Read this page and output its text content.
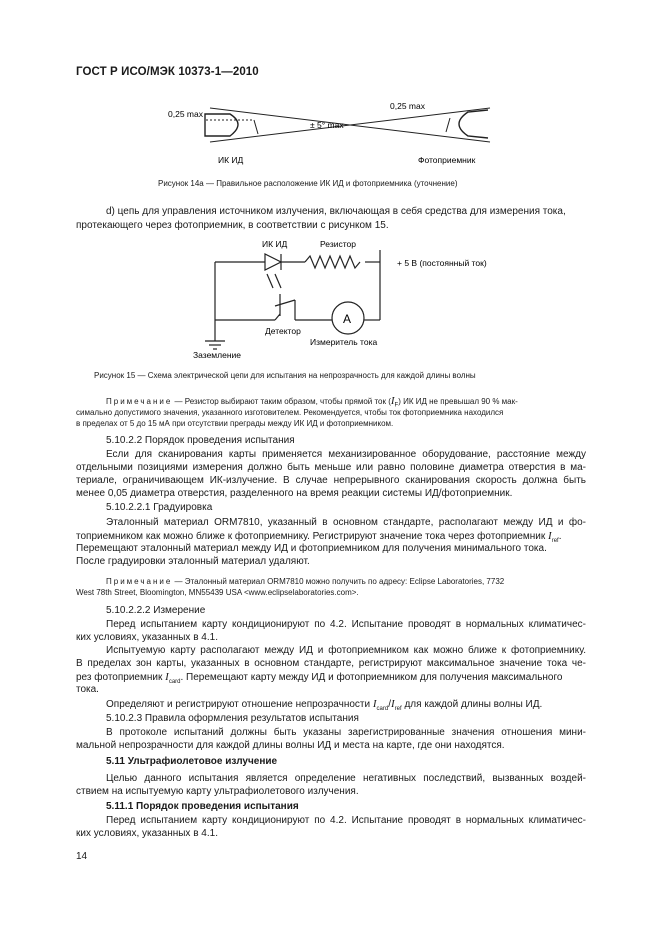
ГОСТ Р ИСО/МЭК 10373-1—2010
0,25 max
± 5° max
0,25 max
ИК ИД	Фотоприемник
Рисунок 14а — Правильное расположение ИК ИД и фотоприемника (уточнение)
d) цепь для управления источником излучения, включающая в себя средства для измерения тока,
протекающего через фотоприемник, в соответствии с рисунком 15.
ИК ИД	Резистор
+ 5 В (постоянный ток)
A
Детектор
Измеритель тока
Заземление
Рисунок 15 — Схема электрической цепи для испытания на непрозрачность для каждой длины волны
Примечание — Резистор выбирают таким образом, чтобы прямой ток $(I_F)$ ИК ИД не превышал 90 % мак-
симально допустимого значения, указанного изготовителем. Рекомендуется, чтобы ток фотоприемника находился
в пределах от 5 до 15 мА при отсутствии преграды между ИК ИД и фотоприемником.
5.10.2.2 Порядок проведения испытания
Если для сканирования карты применяется механизированное оборудование, расстояние между
отдельными позициями измерения должно быть меньше или равно половине диаметра отверстия в ма-
териале, ограничивающем ИК-излучение. В случае непрерывного сканирования скорость должна быть
менее 0,05 диаметра отверстия, разделенного на время реакции системы ИД/фотоприемник.
5.10.2.2.1 Градуировка
Эталонный материал ORM7810, указанный в основном стандарте, располагают между ИД и фо-
топриемником как можно ближе к фотоприемнику. Регистрируют значение тока через фотоприемник $I_{ref}$.
Перемещают эталонный материал между ИД и фотоприемником для получения минимального тока.
После градуировки эталонный материал удаляют.
Примечание — Эталонный материал ORM7810 можно получить по адресу: Eclipse Laboratories, 7732
West 78th Street, Bloomington, MN55439 USA <www.eclipselaboratories.com>.
5.10.2.2.2 Измерение
Перед испытанием карту кондиционируют по 4.2. Испытание проводят в нормальных климатичес-
ких условиях, указанных в 4.1.
Испытуемую карту располагают между ИД и фотоприемником как можно ближе к фотоприемнику.
В пределах зон карты, указанных в основном стандарте, регистрируют максимальное значение тока че-
рез фотоприемник $I_{card}$. Перемещают карту между ИД и фотоприемником для получения максимального
тока.
Определяют и регистрируют отношение непрозрачности $I_{card}/I_{ref}$ для каждой длины волны ИД.
5.10.2.3 Правила оформления результатов испытания
В протоколе испытаний должны быть указаны зарегистрированные значения отношения мини-
мальной непрозрачности для каждой длины волны ИД и места на карте, где они находятся.
5.11 Ультрафиолетовое излучение
Целью данного испытания является определение негативных последствий, вызванных воздей-
ствием на испытуемую карту ультрафиолетового излучения.
5.11.1 Порядок проведения испытания
Перед испытанием карту кондиционируют по 4.2. Испытание проводят в нормальных климатичес-
ких условиях, указанных в 4.1.
14
